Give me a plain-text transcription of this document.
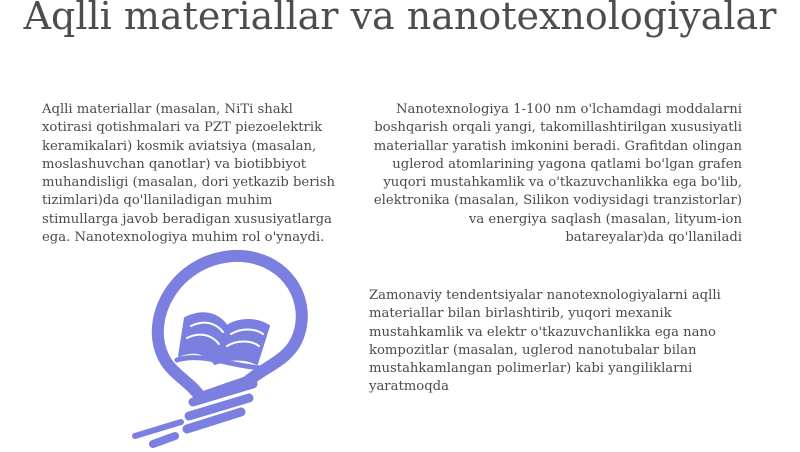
Aqlli materiallar va nanotexnologiyalar

Aqlli materiallar (masalan, NiTi shakl xotirasi qotishmalari va PZT piezoelektrik keramikalari) kosmik aviatsiya (masalan, moslashuvchan qanotlar) va biotibbiyot muhandisligi (masalan, dori yetkazib berish tizimlari)da qo'llaniladigan muhim stimullarga javob beradigan xususiyatlarga ega. Nanotexnologiya muhim rol o'ynaydi.

Nanotexnologiya 1-100 nm o'lchamdagi moddalarni boshqarish orqali yangi, takomillashtirilgan xususiyatli materiallar yaratish imkonini beradi. Grafitdan olingan uglerod atomlarining yagona qatlami bo'lgan grafen yuqori mustahkamlik va o'tkazuvchanlikka ega bo'lib, elektronika (masalan, Silikon vodiysidagi tranzistorlar) va energiya saqlash (masalan, lityum-ion batareyalar)da qo'llaniladi

Zamonaviy tendentsiyalar nanotexnologiyalarni aqlli materiallar bilan birlashtirib, yuqori mexanik mustahkamlik va elektr o'tkazuvchanlikka ega nano kompozitlar (masalan, uglerod nanotubalar bilan mustahkamlangan polimerlar) kabi yangiliklarni yaratmoqda
